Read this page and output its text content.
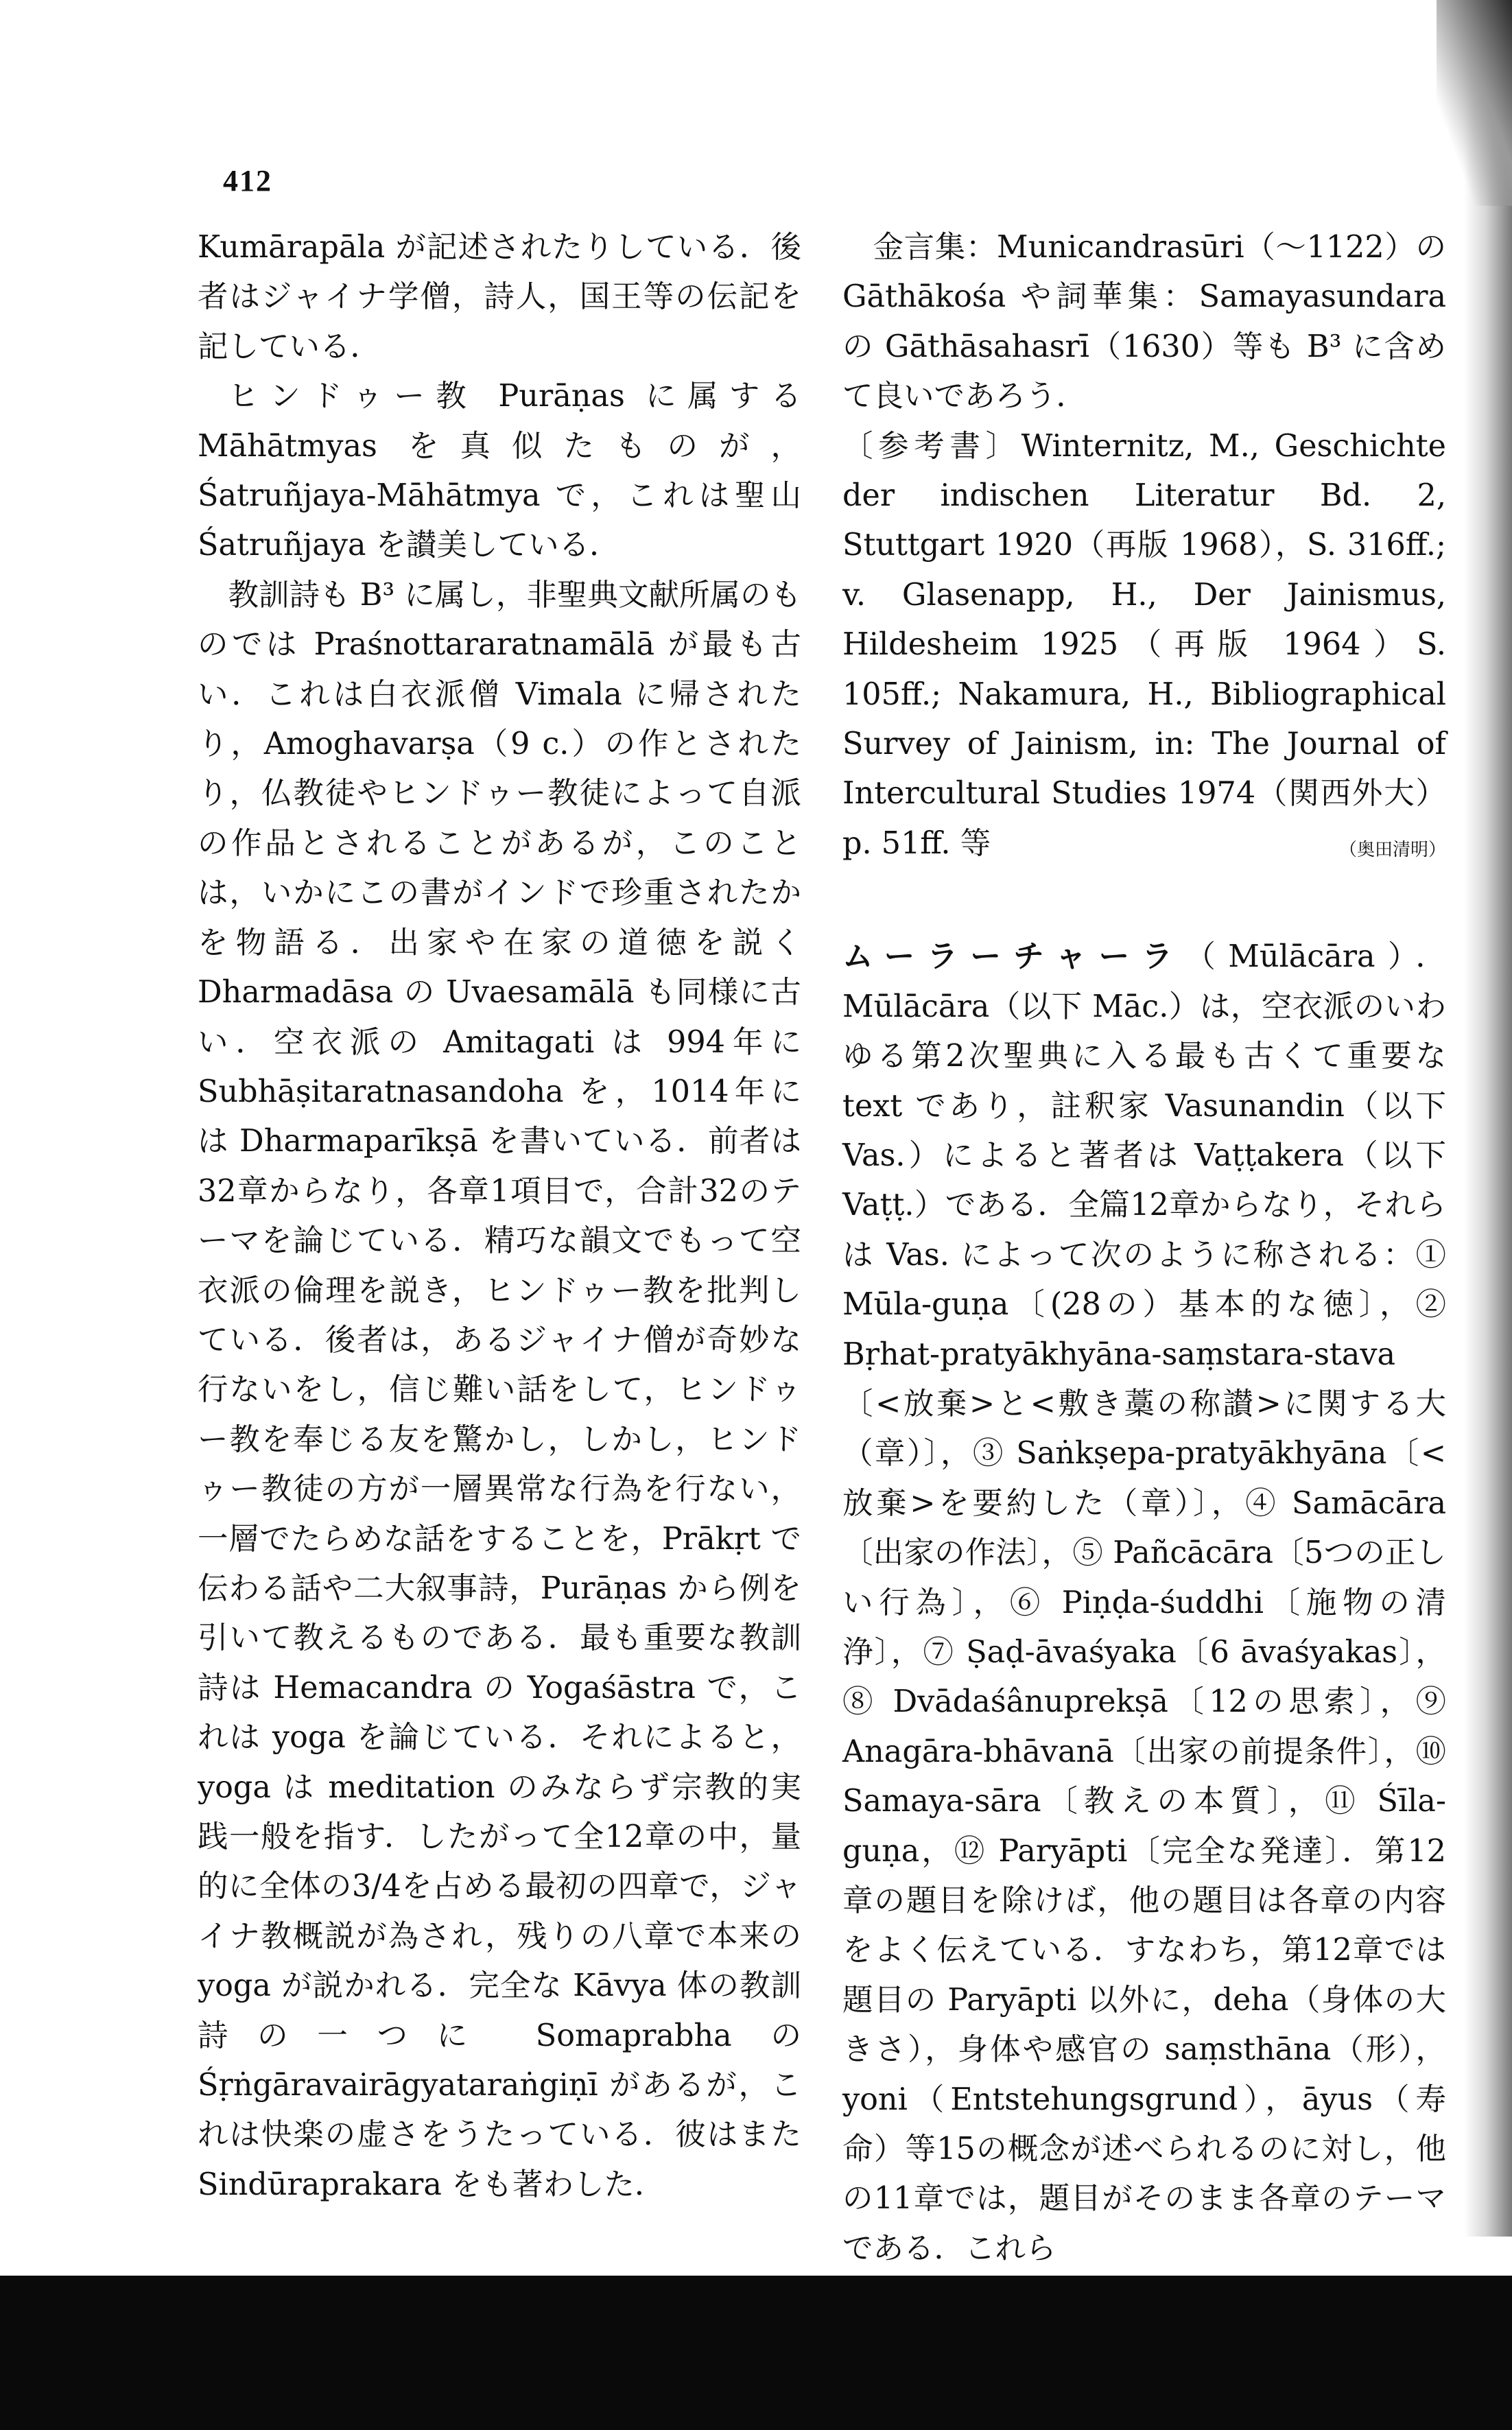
412

Kumārapāla が記述されたりしている．後者はジャイナ学僧，詩人，国王等の伝記を記している．

ヒンドゥー教 Purāṇas に属する Māhātmyas を真似たものが，Śatruñjaya-Māhātmya で，これは聖山 Śatruñjaya を讃美している．

教訓詩も B³ に属し，非聖典文献所属のものでは Praśnottararatnamālā が最も古い．これは白衣派僧 Vimala に帰されたり，Amoghavarṣa（9 c.）の作とされたり，仏教徒やヒンドゥー教徒によって自派の作品とされることがあるが，このことは，いかにこの書がインドで珍重されたかを物語る．出家や在家の道徳を説く Dharmadāsa の Uvaesamālā も同様に古い．空衣派の Amitagati は 994年に Subhāṣitaratnasandoha を，1014年には Dharmaparīkṣā を書いている．前者は32章からなり，各章1項目で，合計32のテーマを論じている．精巧な韻文でもって空衣派の倫理を説き，ヒンドゥー教を批判している．後者は，あるジャイナ僧が奇妙な行ないをし，信じ難い話をして，ヒンドゥー教を奉じる友を驚かし，しかし，ヒンドゥー教徒の方が一層異常な行為を行ない，一層でたらめな話をすることを，Prākṛt で伝わる話や二大叙事詩，Purāṇas から例を引いて教えるものである．最も重要な教訓詩は Hemacandra の Yogaśāstra で，これは yoga を論じている．それによると，yoga は meditation のみならず宗教的実践一般を指す．したがって全12章の中，量的に全体の3/4を占める最初の四章で，ジャイナ教概説が為され，残りの八章で本来の yoga が説かれる．完全な Kāvya 体の教訓詩の一つに Somaprabha の Śṛṅgāravairāgyataraṅgiṇī があるが，これは快楽の虚さをうたっている．彼はまた Sindūraprakara をも著わした．

金言集：Municandrasūri（〜1122）の Gāthākośa や詞華集：Samayasundara の Gāthāsahasrī（1630）等も B³ に含めて良いであろう．

〔参考書〕Winternitz, M., Geschichte der indischen Literatur Bd. 2, Stuttgart 1920（再版 1968），S. 316ff.; v. Glasenapp, H., Der Jainismus, Hildesheim 1925（再版 1964）S. 105ff.; Nakamura, H., Bibliographical Survey of Jainism, in: The Journal of Intercultural Studies 1974（関西外大）p. 51ff. 等	（奥田清明）

ムーラーチャーラ（Mūlācāra）．Mūlācāra（以下 Māc.）は，空衣派のいわゆる第2次聖典に入る最も古くて重要な text であり，註釈家 Vasunandin（以下 Vas.）によると著者は Vaṭṭakera（以下 Vaṭṭ.）である．全篇12章からなり，それらは Vas. によって次のように称される：① Mūla-guṇa〔(28の）基本的な徳〕，② Bṛhat-pratyākhyāna-saṃstara-stava〔<放棄>と<敷き藁の称讃>に関する大（章）〕，③ Saṅkṣepa-pratyākhyāna〔<放棄>を要約した（章）〕，④ Samācāra〔出家の作法〕，⑤ Pañcācāra〔5つの正しい行為〕，⑥ Piṇḍa-śuddhi〔施物の清浄〕，⑦ Ṣaḍ-āvaśyaka〔6 āvaśyakas〕，⑧ Dvādaśânuprekṣā〔12の思索〕，⑨ Anagāra-bhāvanā〔出家の前提条件〕，⑩ Samaya-sāra〔教えの本質〕，⑪ Śīla-guṇa，⑫ Paryāpti〔完全な発達〕．第12章の題目を除けば，他の題目は各章の内容をよく伝えている．すなわち，第12章では題目の Paryāpti 以外に，deha（身体の大きさ），身体や感官の saṃsthāna（形），yoni（Entstehungsgrund），āyus（寿命）等15の概念が述べられるのに対し，他の11章では，題目がそのまま各章のテーマである．これら
